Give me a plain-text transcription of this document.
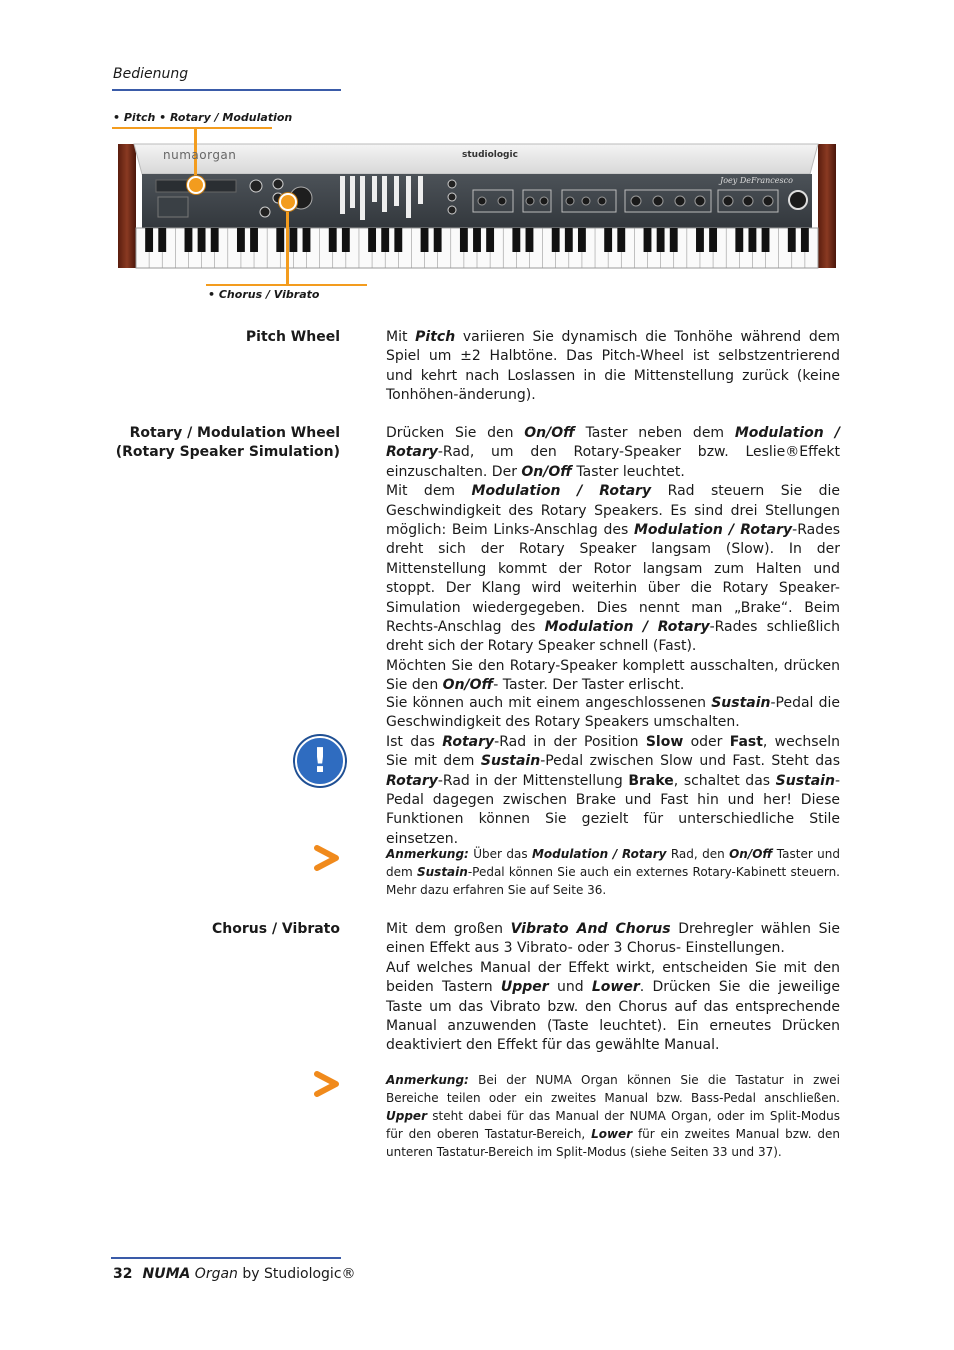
Bedienung
• Pitch • Rotary / Modulation
• Chorus / Vibrato
numaorgan	studiologic
Joey DeFrancesco
Pitch Wheel	Mit Pitch variieren Sie dynamisch die Tonhöhe während dem Spiel um ±2 Halbtöne. Das Pitch-Wheel ist selbstzentrierend und kehrt nach Loslassen in die Mittenstellung zurück (keine Tonhöhen-änderung).

Rotary / Modulation Wheel
(Rotary Speaker Simulation)

Drücken Sie den On/Off Taster neben dem Modulation / Rotary-Rad, um den Rotary-Speaker bzw. Leslie®Effekt einzuschalten. Der On/Off Taster leuchtet.

Mit dem Modulation / Rotary Rad steuern Sie die Geschwindigkeit des Rotary Speakers. Es sind drei Stellungen möglich: Beim Links-Anschlag des Modulation / Rotary-Rades dreht sich der Rotary Speaker langsam (Slow). In der Mittenstellung kommt der Rotor langsam zum Halten und stoppt. Der Klang wird weiterhin über die Rotary Speaker- Simulation wiedergegeben. Dies nennt man „Brake“. Beim Rechts-Anschlag des Modulation / Rotary-Rades schließlich dreht sich der Rotary Speaker schnell (Fast).

Möchten Sie den Rotary-Speaker komplett ausschalten, drücken Sie den On/Off- Taster. Der Taster erlischt.

!

Sie können auch mit einem angeschlossenen Sustain-Pedal die Geschwindigkeit des Rotary Speakers umschalten.

Ist das Rotary-Rad in der Position Slow oder Fast, wechseln Sie mit dem Sustain-Pedal zwischen Slow und Fast. Steht das Rotary-Rad in der Mittenstellung Brake, schaltet das Sustain-Pedal dagegen zwischen Brake und Fast hin und her! Diese Funktionen können Sie gezielt für unterschiedliche Stile einsetzen.

Anmerkung: Über das Modulation / Rotary Rad, den On/Off Taster und dem Sustain-Pedal können Sie auch ein externes Rotary-Kabinett steuern. Mehr dazu erfahren Sie auf Seite 36.

Chorus / Vibrato	Mit dem großen Vibrato And Chorus Drehregler wählen Sie einen Effekt aus 3 Vibrato- oder 3 Chorus- Einstellungen.

Auf welches Manual der Effekt wirkt, entscheiden Sie mit den beiden Tastern Upper und Lower. Drücken Sie die jeweilige Taste um das Vibrato bzw. den Chorus auf das entsprechende Manual anzuwenden (Taste leuchtet). Ein erneutes Drücken deaktiviert den Effekt für das gewählte Manual.

Anmerkung: Bei der NUMA Organ können Sie die Tastatur in zwei Bereiche teilen oder ein zweites Manual bzw. Bass-Pedal anschließen. Upper steht dabei für das Manual der NUMA Organ, oder im Split-Modus für den oberen Tastatur-Bereich, Lower für ein zweites Manual bzw. den unteren Tastatur-Bereich im Split-Modus (siehe Seiten 33 und 37).

32 NUMA Organ by Studiologic®
